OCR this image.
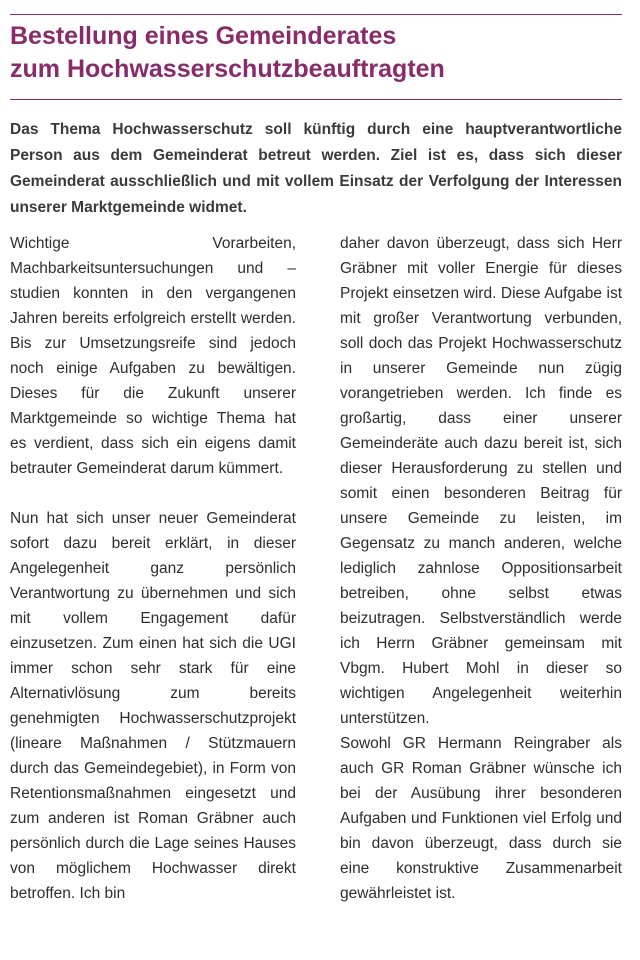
Bestellung eines Gemeinderates
zum Hochwasserschutzbeauftragten

Das Thema Hochwasserschutz soll künftig durch eine hauptverantwortliche Person aus dem Gemeinderat betreut werden. Ziel ist es, dass sich dieser Gemeinderat ausschließlich und mit vollem Einsatz der Verfolgung der Interessen unserer Marktgemeinde widmet.

Wichtige Vorarbeiten, Machbarkeitsuntersuchungen und –studien konnten in den vergangenen Jahren bereits erfolgreich erstellt werden. Bis zur Umsetzungsreife sind jedoch noch einige Aufgaben zu bewältigen. Dieses für die Zukunft unserer Marktgemeinde so wichtige Thema hat es verdient, dass sich ein eigens damit betrauter Gemeinderat darum kümmert.

Nun hat sich unser neuer Gemeinderat sofort dazu bereit erklärt, in dieser Angelegenheit ganz persönlich Verantwortung zu übernehmen und sich mit vollem Engagement dafür einzusetzen. Zum einen hat sich die UGI immer schon sehr stark für eine Alternativlösung zum bereits genehmigten Hochwasserschutzprojekt (lineare Maßnahmen / Stützmauern durch das Gemeindegebiet), in Form von Retentionsmaßnahmen eingesetzt und zum anderen ist Roman Gräbner auch persönlich durch die Lage seines Hauses von möglichem Hochwasser direkt betroffen. Ich bin

daher davon überzeugt, dass sich Herr Gräbner mit voller Energie für dieses Projekt einsetzen wird. Diese Aufgabe ist mit großer Verantwortung verbunden, soll doch das Projekt Hochwasserschutz in unserer Gemeinde nun zügig vorangetrieben werden. Ich finde es großartig, dass einer unserer Gemeinderäte auch dazu bereit ist, sich dieser Herausforderung zu stellen und somit einen besonderen Beitrag für unsere Gemeinde zu leisten, im Gegensatz zu manch anderen, welche lediglich zahnlose Oppositionsarbeit betreiben, ohne selbst etwas beizutragen. Selbstverständlich werde ich Herrn Gräbner gemeinsam mit Vbgm. Hubert Mohl in dieser so wichtigen Angelegenheit weiterhin unterstützen.

Sowohl GR Hermann Reingraber als auch GR Roman Gräbner wünsche ich bei der Ausübung ihrer besonderen Aufgaben und Funktionen viel Erfolg und bin davon überzeugt, dass durch sie eine konstruktive Zusammenarbeit gewährleistet ist.
